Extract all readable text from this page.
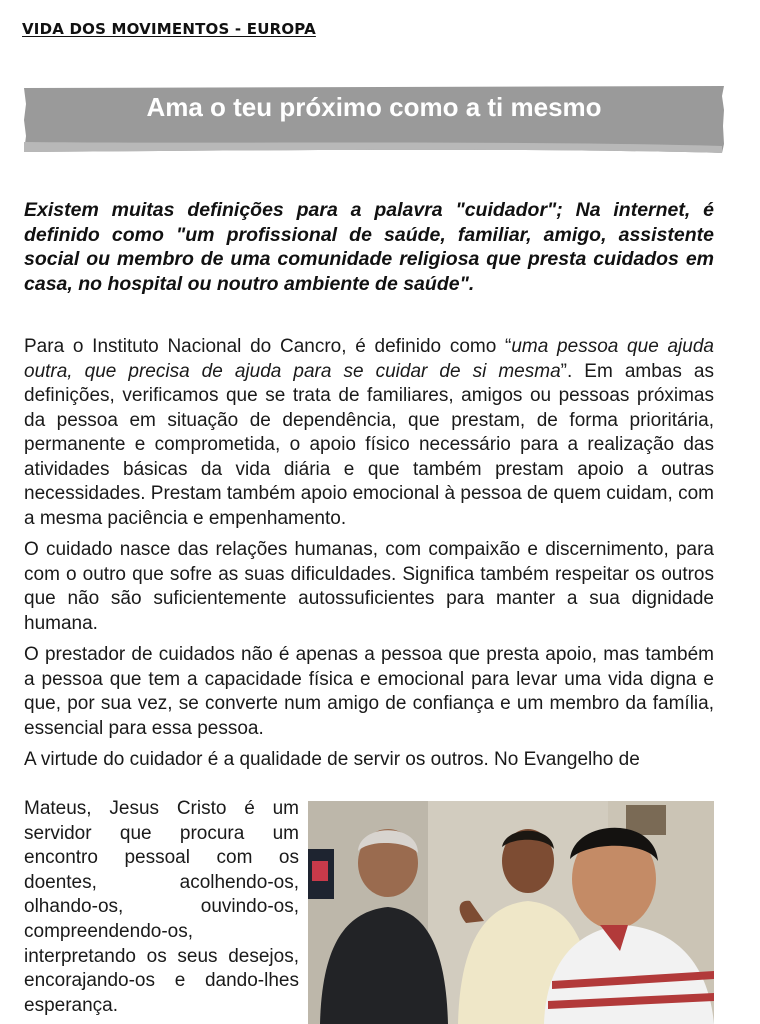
VIDA DOS MOVIMENTOS - EUROPA
Ama o teu próximo como a ti mesmo
Existem muitas definições para a palavra "cuidador"; Na internet, é definido como "um profissional de saúde, familiar, amigo, assistente social ou membro de uma comunidade religiosa que presta cuidados em casa, no hospital ou noutro ambiente de saúde".

Para o Instituto Nacional do Cancro, é definido como “uma pessoa que ajuda outra, que precisa de ajuda para se cuidar de si mesma”. Em ambas as definições, verificamos que se trata de familiares, amigos ou pessoas próximas da pessoa em situação de dependência, que prestam, de forma prioritária, permanente e comprometida, o apoio físico necessário para a realização das atividades básicas da vida diária e que também prestam apoio a outras necessidades. Prestam também apoio emocional à pessoa de quem cuidam, com a mesma paciência e empenhamento.

O cuidado nasce das relações humanas, com compaixão e discernimento, para com o outro que sofre as suas dificuldades. Significa também respeitar os outros que não são suficientemente autossuficientes para manter a sua dignidade humana.

O prestador de cuidados não é apenas a pessoa que presta apoio, mas também a pessoa que tem a capacidade física e emocional para levar uma vida digna e que, por sua vez, se converte num amigo de confiança e um membro da família, essencial para essa pessoa.

A virtude do cuidador é a qualidade de servir os outros. No Evangelho de

Mateus, Jesus Cristo é um servidor que procura um encontro pessoal com os doentes, acolhendo-os, olhando-os, ouvindo-os, compreendendo-os, interpretando os seus desejos, encorajando-os e dando-lhes esperança.
